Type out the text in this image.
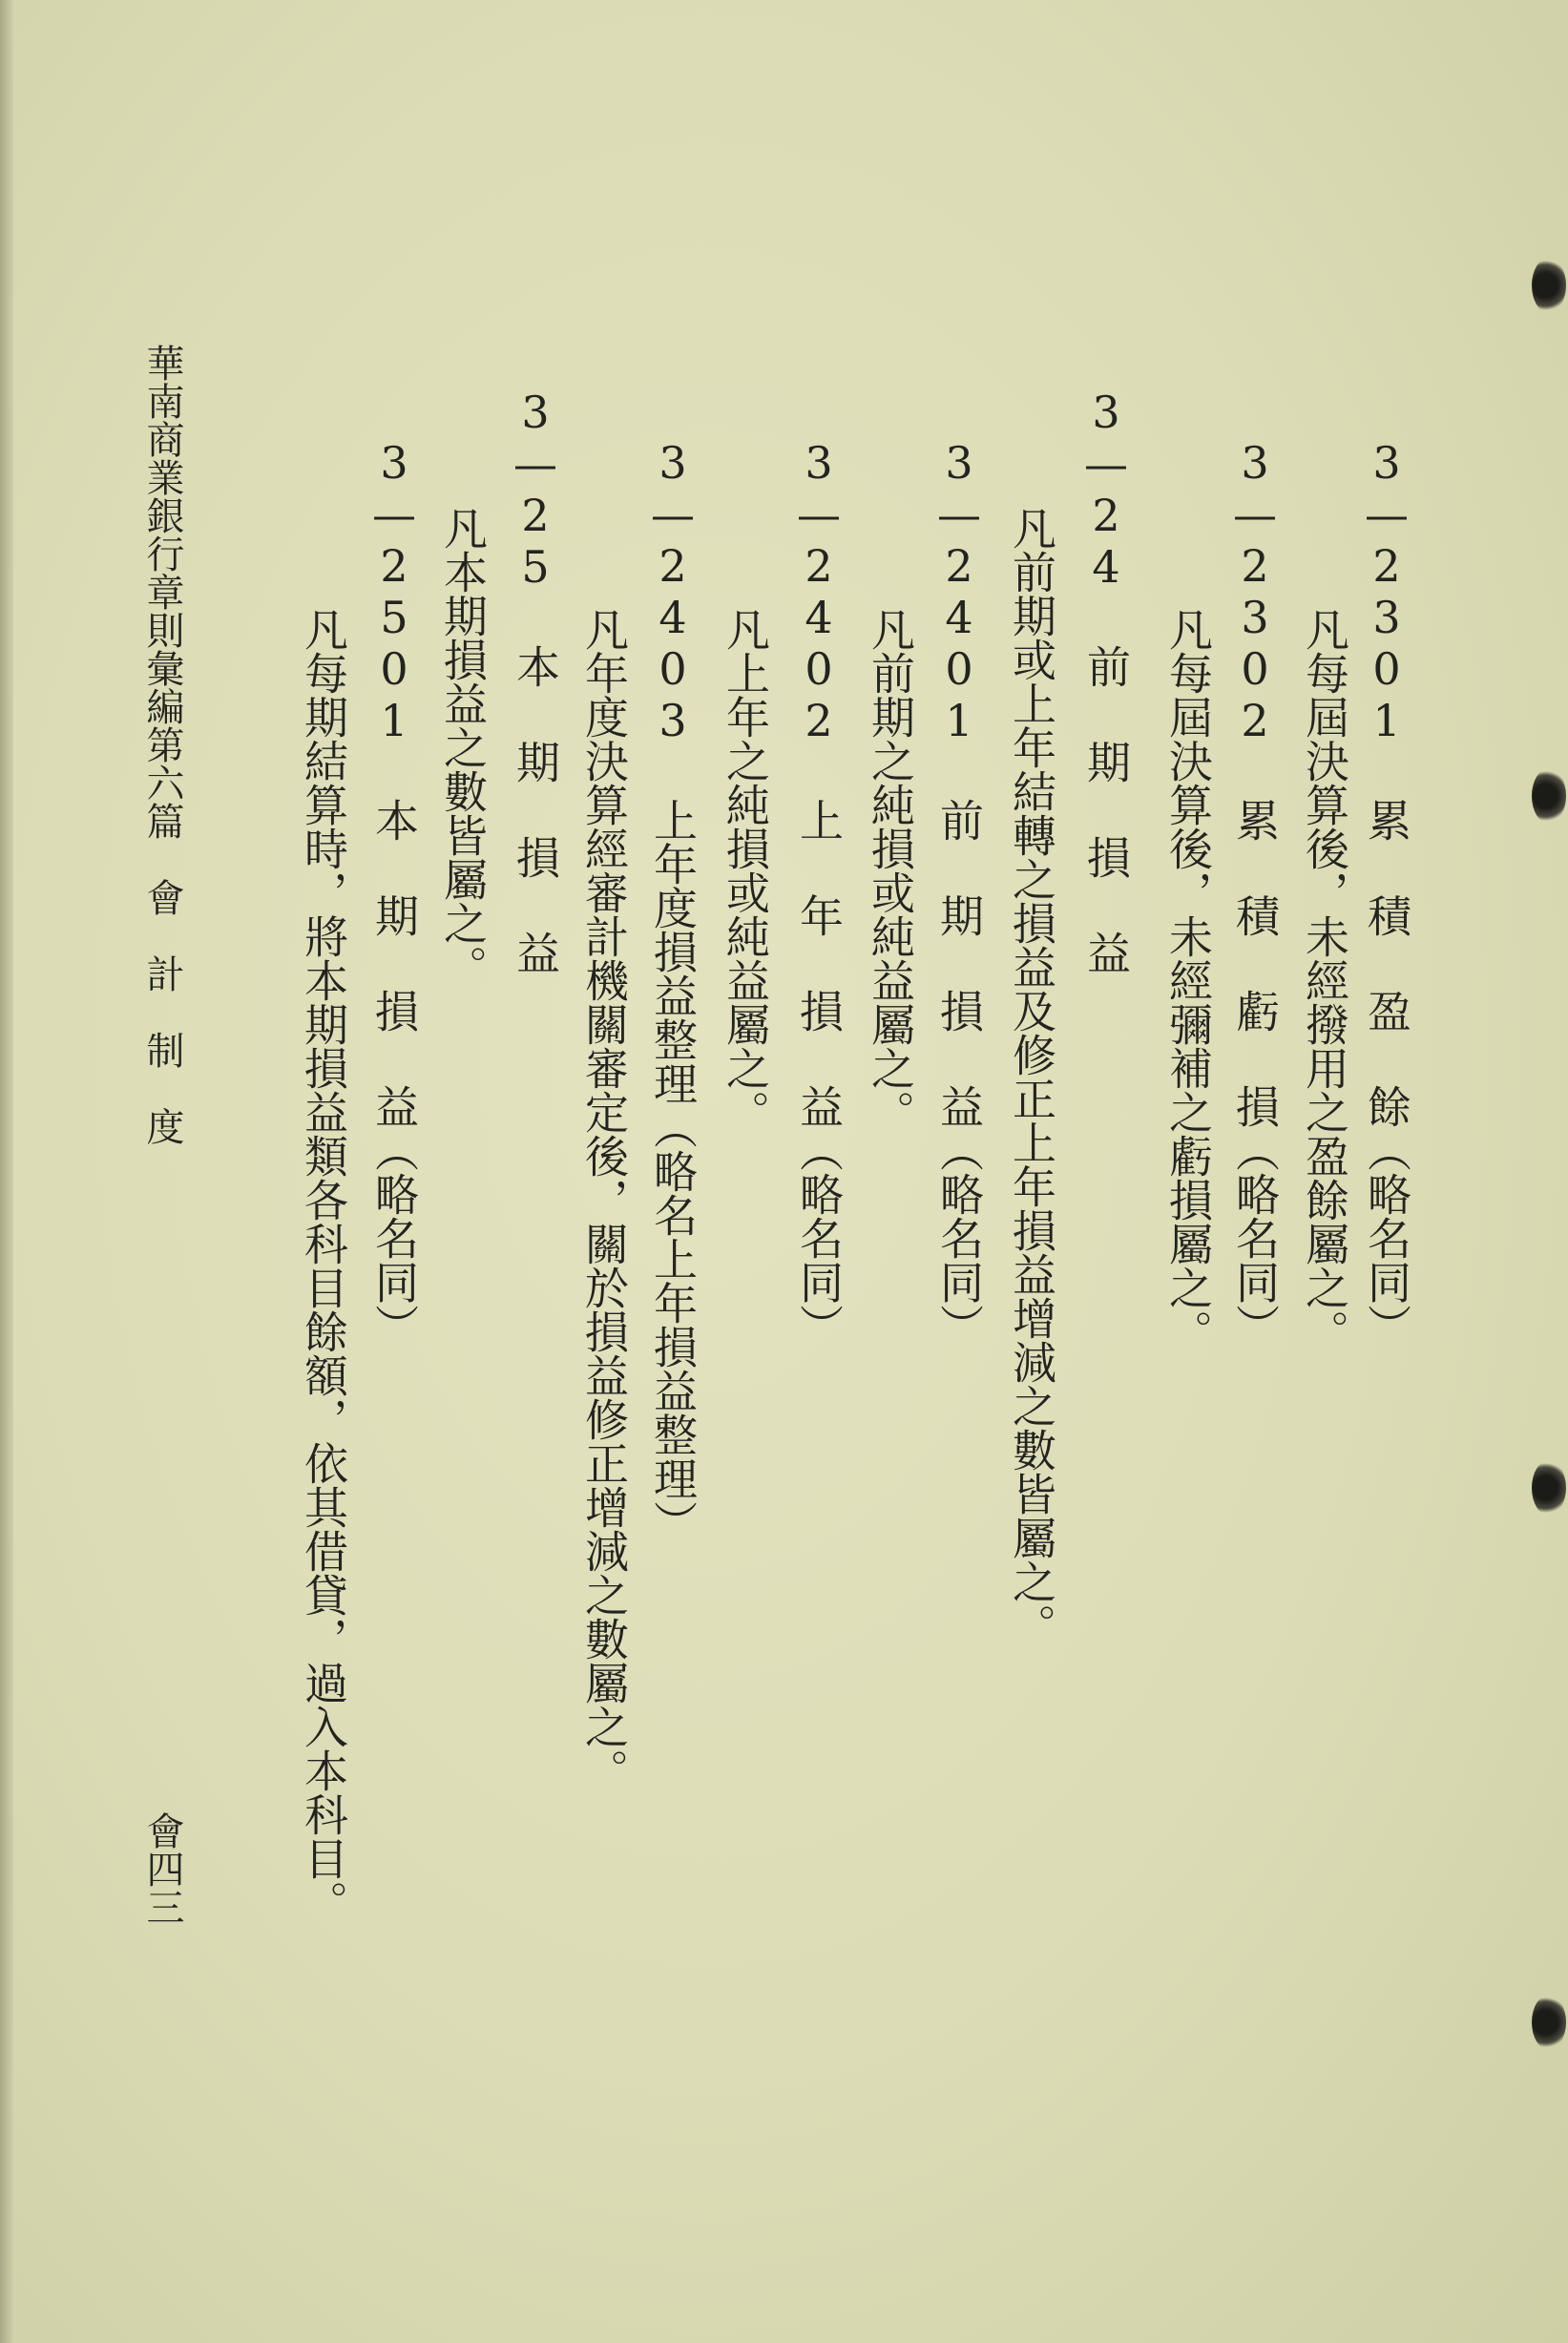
3—2301 累 積 盈 餘（略名同）
凡每屆決算後，未經撥用之盈餘屬之。
3—2302 累 積 虧 損（略名同）
凡每屆決算後，未經彌補之虧損屬之。
3—24 前 期 損 益
凡前期或上年結轉之損益及修正上年損益增減之數皆屬之。
3—2401 前 期 損 益（略名同）
凡前期之純損或純益屬之。
3—2402 上 年 損 益（略名同）
凡上年之純損或純益屬之。
3—2403 上年度損益整理（略名上年損益整理）
凡年度決算經審計機關審定後，關於損益修正增減之數屬之。
3—25 本 期 損 益
凡本期損益之數皆屬之。
3—2501 本 期 損 益（略名同）
凡每期結算時，將本期損益類各科目餘額，依其借貸，過入本科目。
華南商業銀行章則彙編
第六篇　會　計　制　度
會四三
